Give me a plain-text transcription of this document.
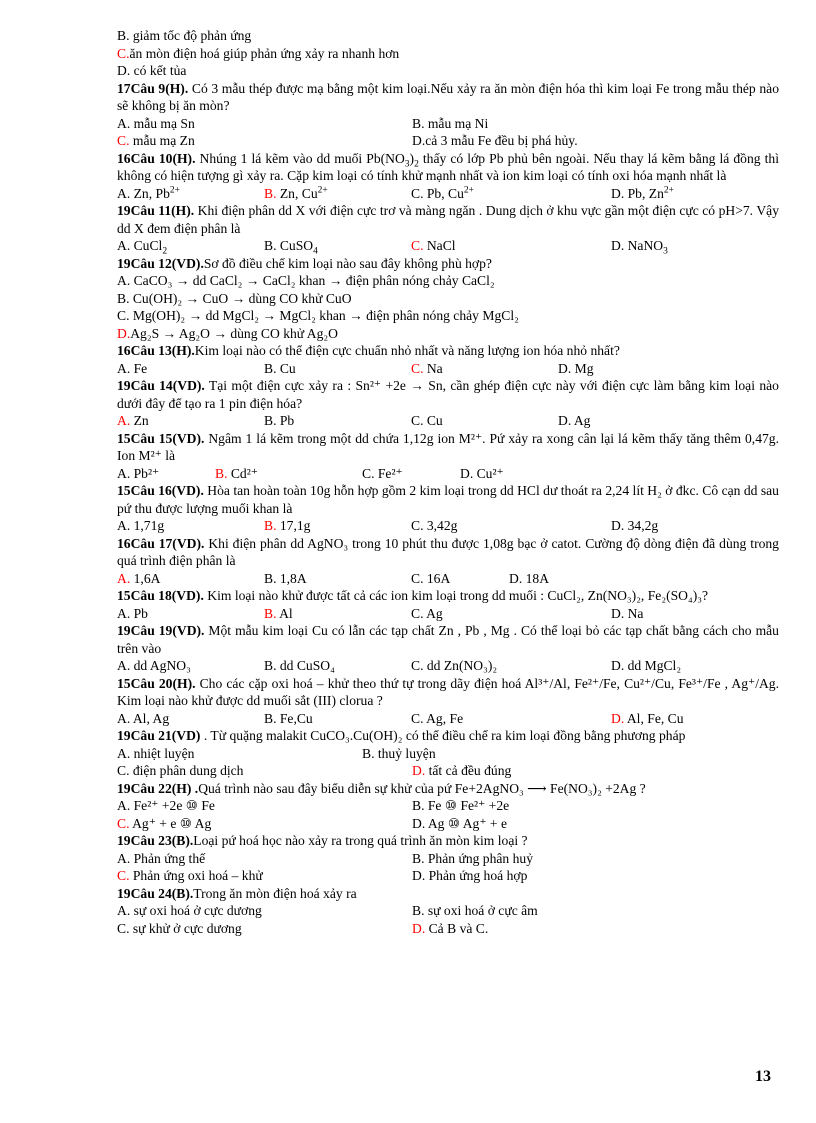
B. giảm tốc độ phản ứng
C. ăn mòn điện hoá giúp phản ứng xảy ra nhanh hơn
D. có kết tủa
17Câu 9(H). Có 3 mẫu thép được mạ bằng một kim loại.Nếu xảy ra ăn mòn điện hóa thì kim loại Fe trong mẫu thép nào sẽ không bị ăn mòn?
A. mẫu mạ Sn	B. mẫu mạ Ni
C. mẫu mạ Zn	D.cả 3 mẫu Fe đều bị phá hủy.
16Câu 10(H). Nhúng 1 lá kẽm vào dd muối $Pb(NO_3)_2$ thấy có lớp Pb phủ bên ngoài. Nếu thay lá kẽm bằng lá đồng thì không có hiện tượng gì xảy ra. Cặp kim loại có tính khử mạnh nhất và ion kim loại có tính oxi hóa mạnh nhất là
A. Zn, $Pb^{2+}$	B. Zn, $Cu^{2+}$	C. Pb, $Cu^{2+}$	D. Pb, $Zn^{2+}$
19Câu 11(H). Khi điện phân dd X với điện cực trơ và màng ngăn . Dung dịch ở khu vực gần một điện cực có pH>7. Vậy dd X đem điện phân là
A. CuCl$_2$	B. CuSO$_4$	C. NaCl	D. NaNO$_3$
19Câu 12(VD). Sơ đồ điều chế kim loại nào sau đây không phù hợp?
A. CaCO₃ → dd CaCl₂ → CaCl₂ khan → điện phân nóng chảy CaCl₂
B. Cu(OH)₂ → CuO → dùng CO khử CuO
C. Mg(OH)₂ → dd MgCl₂ → MgCl₂ khan → điện phân nóng chảy MgCl₂
D. Ag₂S → Ag₂O → dùng CO khử Ag₂O
16Câu 13(H). Kim loại nào có thể điện cực chuẩn nhỏ nhất và năng lượng ion hóa nhỏ nhất?
A. Fe	B. Cu	C. Na	D. Mg
19Câu 14(VD). Tại một điện cực xảy ra : Sn²⁺ +2e → Sn, cần ghép điện cực này với điện cực làm bằng kim loại nào dưới đây để tạo ra 1 pin điện hóa?
A. Zn	B. Pb	C. Cu	D. Ag
15Câu 15(VD). Ngâm 1 lá kẽm trong một dd chứa 1,12g ion M²⁺. Pứ xảy ra xong cân lại lá kẽm thấy tăng thêm 0,47g. Ion M²⁺ là
A. Pb²⁺	B. Cd²⁺	C. Fe²⁺	D. Cu²⁺
15Câu 16(VD). Hòa tan hoàn toàn 10g hỗn hợp gồm 2 kim loại trong dd HCl dư thoát ra 2,24 lít H₂ ở đkc. Cô cạn dd sau pứ thu được lượng muối khan là
A. 1,71g	B. 17,1g	C. 3,42g	D. 34,2g
16Câu 17(VD). Khi điện phân dd AgNO₃ trong 10 phút thu được 1,08g bạc ở catot. Cường độ dòng điện đã dùng trong quá trình điện phân là
A. 1,6A	B. 1,8A	C. 16A	D. 18A
15Câu 18(VD). Kim loại nào khử được tất cả các ion kim loại trong dd muối : CuCl₂, Zn(NO₃)₂, Fe₂(SO₄)₃?
A. Pb	B. Al	C. Ag	D. Na
19Câu 19(VD). Một mẫu kim loại Cu có lẫn các tạp chất Zn , Pb , Mg . Có thể loại bỏ các tạp chất bằng cách cho mẫu trên vào
A. dd AgNO₃	B. dd CuSO₄	C. dd Zn(NO₃)₂	D. dd MgCl₂
15Câu 20(H). Cho các cặp oxi hoá – khử theo thứ tự trong dãy điện hoá Al³⁺/Al, Fe²⁺/Fe, Cu²⁺/Cu, Fe³⁺/Fe , Ag⁺/Ag. Kim loại nào khử được dd muối sắt (III) clorua ?
A. Al, Ag	B. Fe,Cu	C. Ag, Fe	D. Al, Fe, Cu
19Câu 21(VD) . Từ quặng malakit CuCO₃.Cu(OH)₂ có thể điều chế ra kim loại đồng bằng phương pháp
A. nhiệt luyện	B. thuỷ luyện
C. điện phân dung dịch	D. tất cả đều đúng
19Câu 22(H) . Quá trình nào sau đây biểu diễn sự khử của pứ Fe+2AgNO₃ ⟶ Fe(NO₃)₂ +2Ag ?
A. Fe²⁺ +2e ⑩ Fe	B. Fe ⑩ Fe²⁺ +2e
C. Ag⁺ + e ⑩ Ag	D. Ag ⑩ Ag⁺ + e
19Câu 23(B). Loại pứ hoá học nào xảy ra trong quá trình ăn mòn kim loại ?
A. Phản ứng thế	B. Phản ứng phân huỷ
C. Phản ứng oxi hoá – khử	D. Phản ứng hoá hợp
19Câu 24(B). Trong ăn mòn điện hoá xảy ra
A. sự oxi hoá ở cực dương	B. sự oxi hoá ở cực âm
C. sự khử ở cực dương	D. Cả B và C.
13
